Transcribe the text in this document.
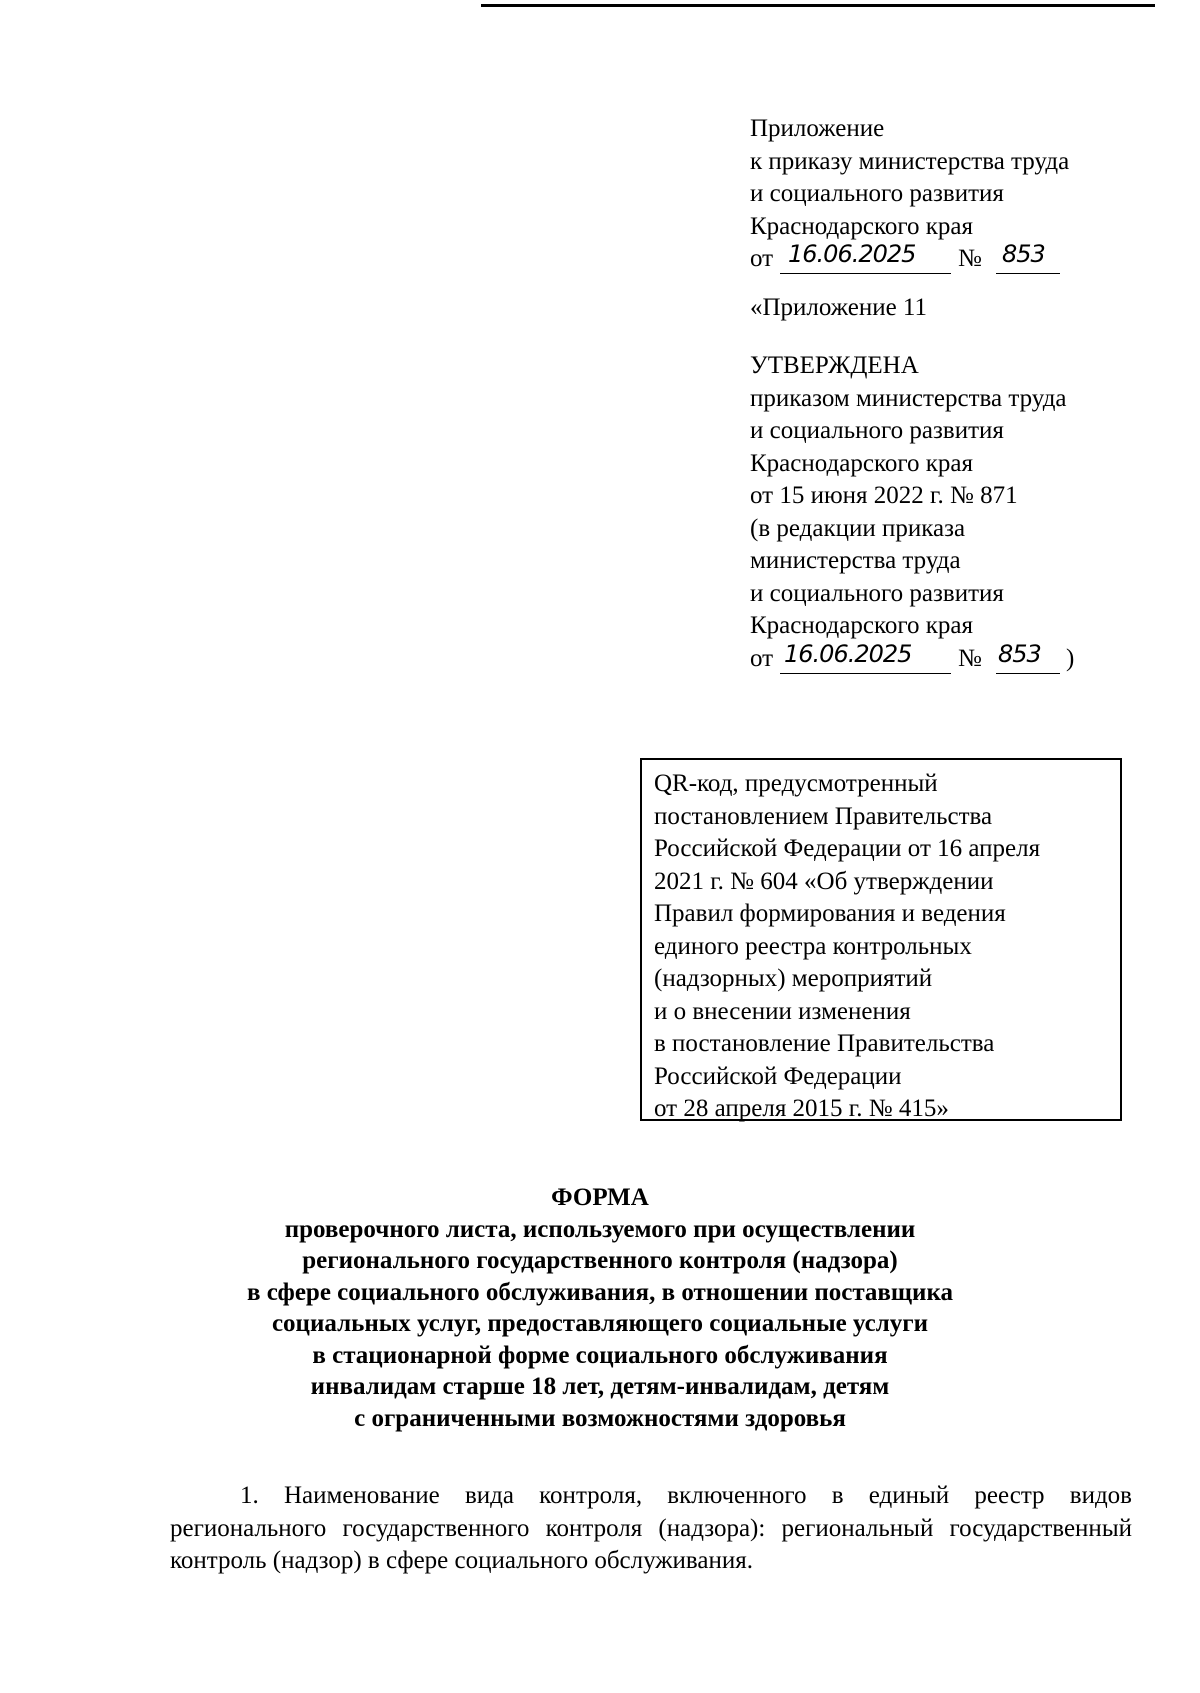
Приложение
к приказу министерства труда
и социального развития
Краснодарского края
от 16.06.2025 № 853
«Приложение 11
УТВЕРЖДЕНА
приказом министерства труда
и социального развития
Краснодарского края
от 15 июня 2022 г. № 871
(в редакции приказа
министерства труда
и социального развития
Краснодарского края
от 16.06.2025 № 853 )
QR-код, предусмотренный
постановлением Правительства
Российской Федерации от 16 апреля
2021 г. № 604 «Об утверждении
Правил формирования и ведения
единого реестра контрольных
(надзорных) мероприятий
и о внесении изменения
в постановление Правительства
Российской Федерации
от 28 апреля 2015 г. № 415»
ФОРМА
проверочного листа, используемого при осуществлении
регионального государственного контроля (надзора)
в сфере социального обслуживания, в отношении поставщика
социальных услуг, предоставляющего социальные услуги
в стационарной форме социального обслуживания
инвалидам старше 18 лет, детям-инвалидам, детям
с ограниченными возможностями здоровья
1. Наименование вида контроля, включенного в единый реестр видов регионального государственного контроля (надзора): региональный государственный контроль (надзор) в сфере социального обслуживания.
